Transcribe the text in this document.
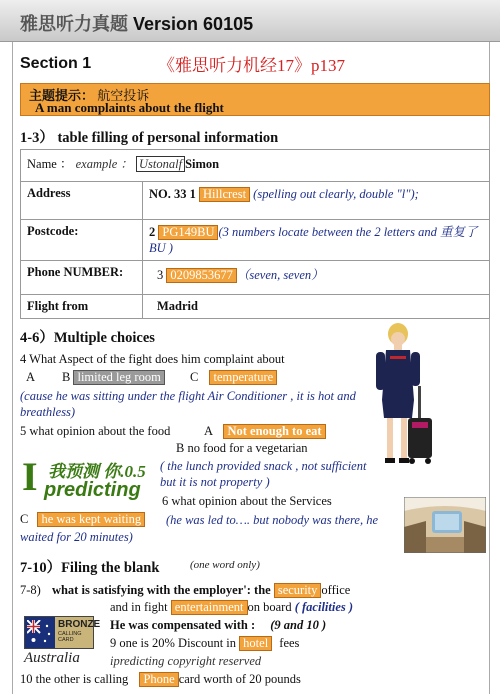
雅思听力真题 Version 60105
Section 1	《雅思听力机经17》p137
主题提示： 航空投诉
A man complaints about the flight
1-3） table filling of personal information
Name ： example ： Ustonalf Simon	
Address	NO. 33 1 Hillcrest (spelling out clearly, double "l");
Postcode:	2 PG149BU (3 numbers locate between the 2 letters and 重复了 BU )
Phone NUMBER:	3 0209853677 （seven, seven）
Flight from	Madrid
4-6）Multiple choices
4 What Aspect of the fight does him complaint about
A B limited leg room	C temperature
(cause he was sitting under the flight Air Conditioner , it is hot and breathless)
5 what opinion about the food	A Not enough to eat
B no food for a vegetarian
( the lunch provided snack , not sufficient but it is not property )
I 我预测 你.0.5
predicting 6 what opinion about the Services
C he was kept waiting	(he was led to…. but nobody was there, he waited for 20 minutes)
7-10）Filing the blank	(one word only)
7-8) what is satisfying with the employer': the security office
and in fight entertainment on board ( facilities )
He was compensated with : (9 and 10 )
9 one is 20% Discount in hotel fees
ipredicting copyright reserved
10 the other is calling Phone card worth of 20 pounds
BRONZE
CALLING CARD
Australia
